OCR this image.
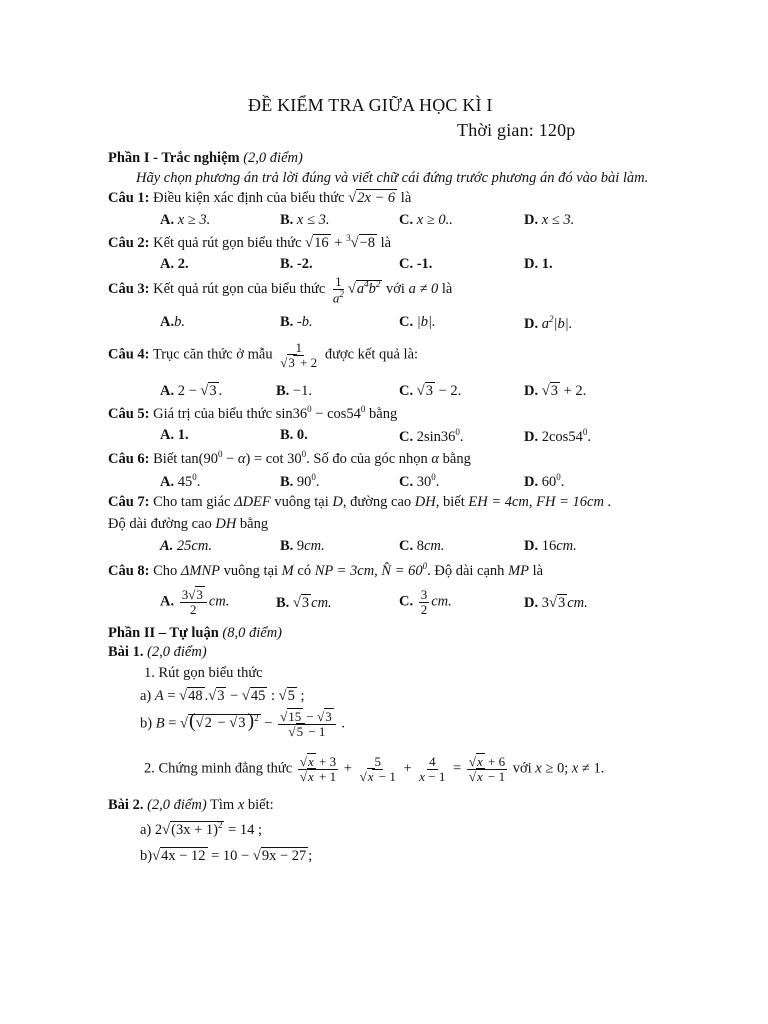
ĐỀ KIỂM TRA GIỮA HỌC KÌ I
Thời gian: 120p
Phần I - Trắc nghiệm (2,0 điểm)
Hãy chọn phương án trả lời đúng và viết chữ cái đứng trước phương án đó vào bài làm.
Câu 1: Điều kiện xác định của biểu thức √2x − 6 là
A. x ≥ 3.	B. x ≤ 3.	C. x ≥ 0..	D. x ≤ 3.
Câu 2: Kết quả rút gọn biểu thức √16 + $^3$√−8 là
A. 2.	B. -2.	C. -1.	D. 1.
Câu 3: Kết quả rút gọn của biểu thức $\frac{1}{a^2} √a^4b^2$ với a ≠ 0 là
A.b.	B. -b.	C. |b|.	D. $a^2|b|$.
Câu 4: Trục căn thức ở mẫu $\frac{1}{√3 + 2}$ được kết quả là:
A. 2 − √3 .	B. −1.	C. √3 − 2.	D. √3 + 2.
Câu 5: Giá trị của biểu thức $\sin 36^0 - \cos 54^0$ bằng
A. 1.	B. 0.	C. $2\sin 36^0$.	D. $2\cos 54^0$.
Câu 6: Biết $\tan(90^0 - \alpha) = \cot 30^0$. Số đo của góc nhọn α bằng
A. $45^0$.	B. $90^0$.	C. $30^0$.	D. $60^0$.
Câu 7: Cho tam giác ΔDEF vuông tại D, đường cao DH, biết EH = 4cm, FH = 16cm .
Độ dài đường cao DH bằng
A. 25cm.	B. 9cm.	C. 8cm.	D. 16cm.
Câu 8: Cho ΔMNP vuông tại M có NP = 3cm, N̂ = $60^0$. Độ dài cạnh MP là
A. $\frac{3√3}{2}$ cm.	B. √3 cm.	C. $\frac{3}{2}$ cm.	D. 3√3 cm.
Phần II – Tự luận (8,0 điểm)
Bài 1. (2,0 điểm)
1. Rút gọn biểu thức
a) A = √48 .√3 − √45 : √5 ;
b) B = √(√2 − √3 )$^2 - \frac{√15 - √3}{√5 - 1}$ .
2. Chứng minh đẳng thức $\frac{√x + 3}{√x + 1} + \frac{5}{√x - 1} + \frac{4}{x - 1} = \frac{√x + 6}{√x - 1}$ với x ≥ 0; x ≠ 1.
Bài 2. (2,0 điểm) Tìm x biết:
a) $2√(3x + 1)^2 = 14$ ;
b)√4x − 12 = 10 − √9x − 27 ;
